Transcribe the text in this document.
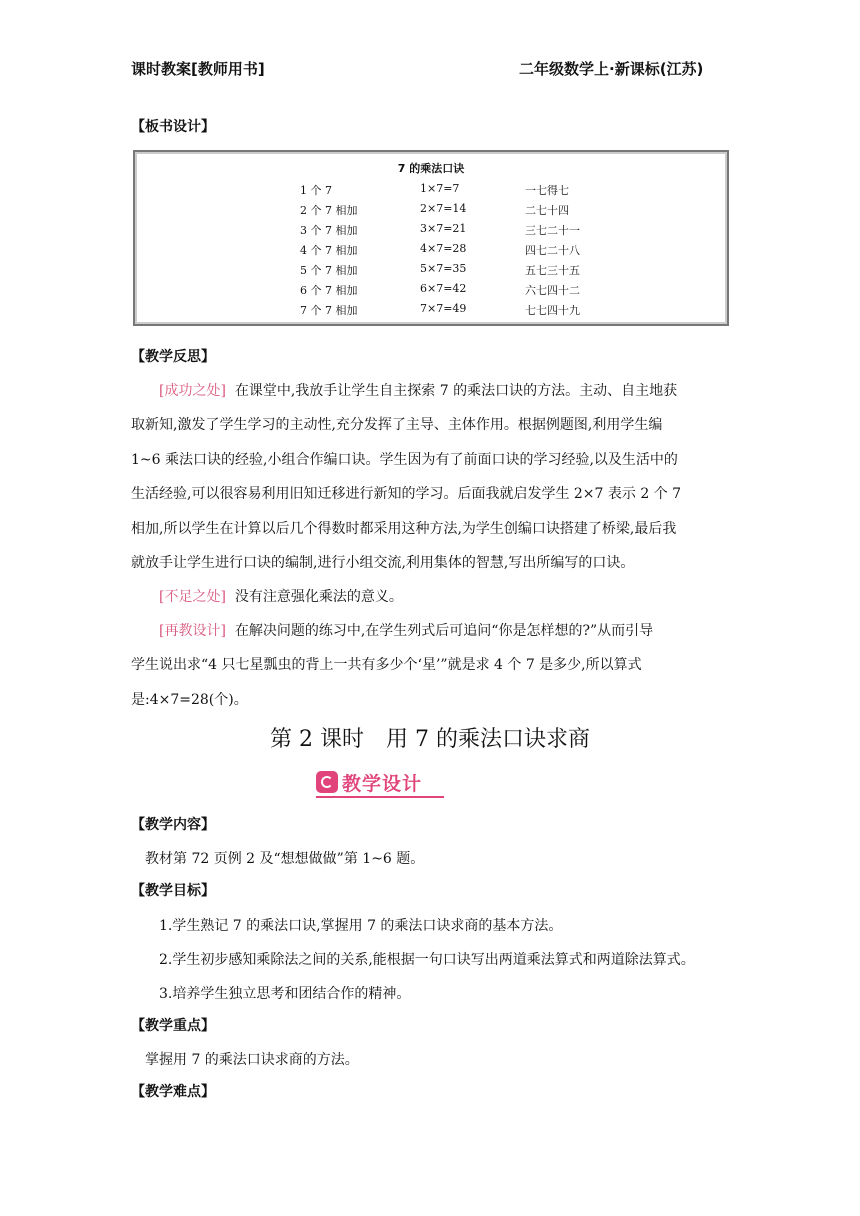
课时教案[教师用书]	二年级数学上·新课标(江苏)
【板书设计】
7 的乘法口诀
1 个 7	1×7=7	一七得七
2 个 7 相加	2×7=14	二七十四
3 个 7 相加	3×7=21	三七二十一
4 个 7 相加	4×7=28	四七二十八
5 个 7 相加	5×7=35	五七三十五
6 个 7 相加	6×7=42	六七四十二
7 个 7 相加	7×7=49	七七四十九
【教学反思】
[成功之处] 在课堂中,我放手让学生自主探索 7 的乘法口诀的方法。主动、自主地获
取新知,激发了学生学习的主动性,充分发挥了主导、主体作用。根据例题图,利用学生编
1~6 乘法口诀的经验,小组合作编口诀。学生因为有了前面口诀的学习经验,以及生活中的
生活经验,可以很容易利用旧知迁移进行新知的学习。后面我就启发学生 2×7 表示 2 个 7
相加,所以学生在计算以后几个得数时都采用这种方法,为学生创编口诀搭建了桥梁,最后我
就放手让学生进行口诀的编制,进行小组交流,利用集体的智慧,写出所编写的口诀。
[不足之处] 没有注意强化乘法的意义。
[再教设计] 在解决问题的练习中,在学生列式后可追问“你是怎样想的?”从而引导
学生说出求“4 只七星瓢虫的背上一共有多少个‘星’”就是求 4 个 7 是多少,所以算式
是:4×7=28(个)。
第 2 课时　用 7 的乘法口诀求商
教学设计
【教学内容】
教材第 72 页例 2 及“想想做做”第 1~6 题。
【教学目标】
1.学生熟记 7 的乘法口诀,掌握用 7 的乘法口诀求商的基本方法。
2.学生初步感知乘除法之间的关系,能根据一句口诀写出两道乘法算式和两道除法算式。
3.培养学生独立思考和团结合作的精神。
【教学重点】
掌握用 7 的乘法口诀求商的方法。
【教学难点】
